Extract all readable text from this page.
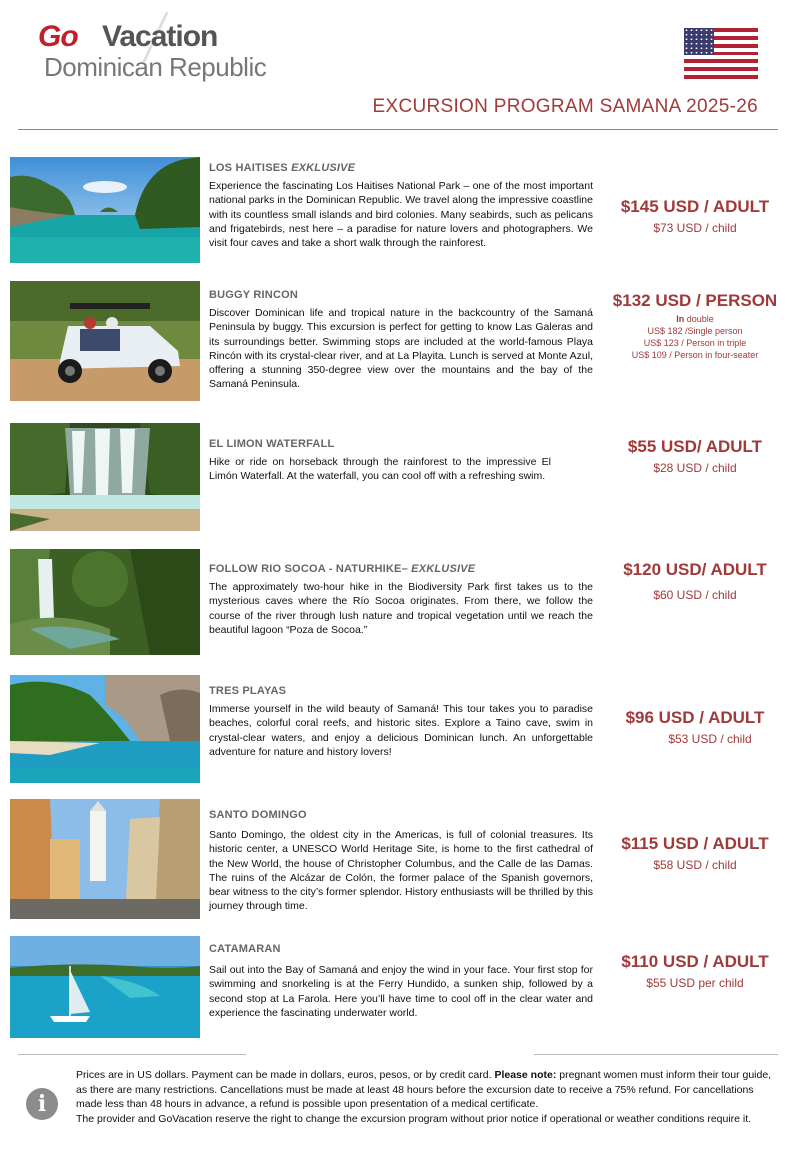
Go Vacation
Dominican Republic
EXCURSION PROGRAM SAMANA 2025-26
LOS HAITISES EXKLUSIVE
Experience the fascinating Los Haitises National Park – one of the most important national parks in the Dominican Republic. We travel along the impressive coastline with its countless small islands and bird colonies. Many seabirds, such as pelicans and frigatebirds, nest here – a paradise for nature lovers and photographers. We visit four caves and take a short walk through the rainforest.
$145 USD / ADULT
$73 USD / child
BUGGY RINCON
Discover Dominican life and tropical nature in the backcountry of the Samaná Peninsula by buggy. This excursion is perfect for getting to know Las Galeras and its surroundings better. Swimming stops are included at the world-famous Playa Rincón with its crystal-clear river, and at La Playita. Lunch is served at Monte Azul, offering a stunning 350-degree view over the mountains and the bay of the Samaná Peninsula.
$132 USD / PERSON
In double
US$ 182 /Single person
US$ 123 / Person in triple
US$ 109 / Person in four-seater
EL LIMON WATERFALL
Hike or ride on horseback through the rainforest to the impressive El Limón Waterfall. At the waterfall, you can cool off with a refreshing swim.
$55 USD/ ADULT
$28 USD / child
FOLLOW RIO SOCOA - NATURHIKE– EXKLUSIVE
The approximately two-hour hike in the Biodiversity Park first takes us to the mysterious caves where the Río Socoa originates. From there, we follow the course of the river through lush nature and tropical vegetation until we reach the beautiful lagoon “Poza de Socoa.”
$120 USD/ ADULT
$60 USD / child
TRES PLAYAS
Immerse yourself in the wild beauty of Samaná! This tour takes you to paradise beaches, colorful coral reefs, and historic sites. Explore a Taino cave, swim in crystal-clear waters, and enjoy a delicious Dominican lunch. An unforgettable adventure for nature and history lovers!
$96 USD / ADULT
$53 USD / child
SANTO DOMINGO
Santo Domingo, the oldest city in the Americas, is full of colonial treasures. Its historic center, a UNESCO World Heritage Site, is home to the first cathedral of the New World, the house of Christopher Columbus, and the Calle de las Damas. The ruins of the Alcázar de Colón, the former palace of the Spanish governors, bear witness to the city’s former splendor. History enthusiasts will be thrilled by this journey through time.
$115 USD / ADULT
$58 USD / child
CATAMARAN
Sail out into the Bay of Samaná and enjoy the wind in your face. Your first stop for swimming and snorkeling is at the Ferry Hundido, a sunken ship, followed by a second stop at La Farola. Here you’ll have time to cool off in the clear water and experience the fascinating underwater world.
$110 USD / ADULT
$55 USD per child
i
Prices are in US dollars. Payment can be made in dollars, euros, pesos, or by credit card. Please note: pregnant women must inform their tour guide, as there are many restrictions. Cancellations must be made at least 48 hours before the excursion date to receive a 75% refund. For cancellations made less than 48 hours in advance, a refund is possible upon presentation of a medical certificate.
The provider and GoVacation reserve the right to change the excursion program without prior notice if operational or weather conditions require it.
